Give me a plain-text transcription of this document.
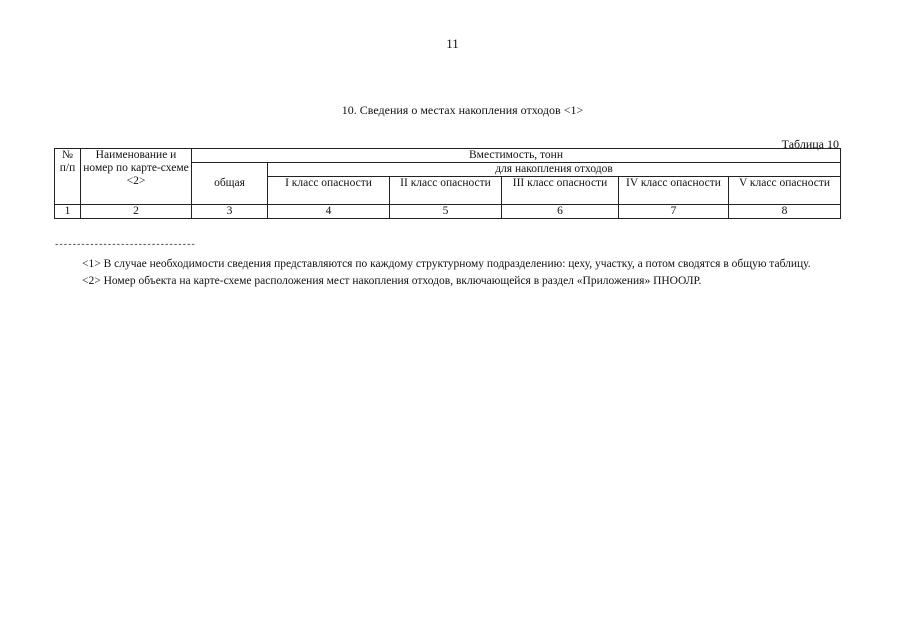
11
10. Сведения о местах накопления отходов <1>
Таблица 10
№ п/п	Наименование и номер по карте-схеме <2>	Вместимость, тонн					
		общая	для накопления отходов				
			I класс опасности	II класс опасности	III класс опасности	IV класс опасности	V класс опасности
1	2	3	4	5	6	7	8
--------------------------------

<1> В случае необходимости сведения представляются по каждому структурному подразделению: цеху, участку, а потом сводятся в общую таблицу.

<2> Номер объекта на карте-схеме расположения мест накопления отходов, включающейся в раздел «Приложения» ПНООЛР.
